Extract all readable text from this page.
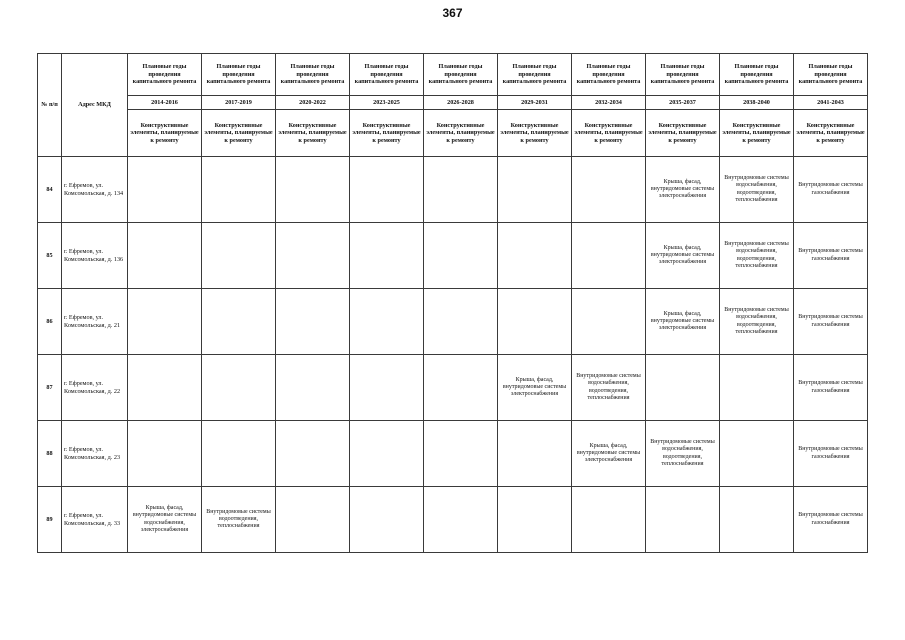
367
№ п/п	Адрес МКД	Плановые годы проведения капитального ремонта	Плановые годы проведения капитального ремонта	Плановые годы проведения капитального ремонта	Плановые годы проведения капитального ремонта	Плановые годы проведения капитального ремонта	Плановые годы проведения капитального ремонта	Плановые годы проведения капитального ремонта	Плановые годы проведения капитального ремонта	Плановые годы проведения капитального ремонта	Плановые годы проведения капитального ремонта
		2014-2016	2017-2019	2020-2022	2023-2025	2026-2028	2029-2031	2032-2034	2035-2037	2038-2040	2041-2043
		Конструктивные элементы, планируемые к ремонту	Конструктивные элементы, планируемые к ремонту	Конструктивные элементы, планируемые к ремонту	Конструктивные элементы, планируемые к ремонту	Конструктивные элементы, планируемые к ремонту	Конструктивные элементы, планируемые к ремонту	Конструктивные элементы, планируемые к ремонту	Конструктивные элементы, планируемые к ремонту	Конструктивные элементы, планируемые к ремонту	Конструктивные элементы, планируемые к ремонту
84	г. Ефремов, ул. Комсомольская, д. 134								Крыша, фасад, внутридомовые системы электроснабжения	Внутридомовые системы водоснабжения, водоотведения, теплоснабжения	Внутридомовые системы газоснабжения
85	г. Ефремов, ул. Комсомольская, д. 136								Крыша, фасад, внутридомовые системы электроснабжения	Внутридомовые системы водоснабжения, водоотведения, теплоснабжения	Внутридомовые системы газоснабжения
86	г. Ефремов, ул. Комсомольская, д. 21								Крыша, фасад, внутридомовые системы электроснабжения	Внутридомовые системы водоснабжения, водоотведения, теплоснабжения	Внутридомовые системы газоснабжения
87	г. Ефремов, ул. Комсомольская, д. 22						Крыша, фасад, внутридомовые системы электроснабжения	Внутридомовые системы водоснабжения, водоотведения, теплоснабжения			Внутридомовые системы газоснабжения
88	г. Ефремов, ул. Комсомольская, д. 23							Крыша, фасад, внутридомовые системы электроснабжения	Внутридомовые системы водоснабжения, водоотведения, теплоснабжения		Внутридомовые системы газоснабжения
89	г. Ефремов, ул. Комсомольская, д. 33	Крыша, фасад, внутридомовые системы водоснабжения, электроснабжения	Внутридомовые системы водоотведения, теплоснабжения								Внутридомовые системы газоснабжения
